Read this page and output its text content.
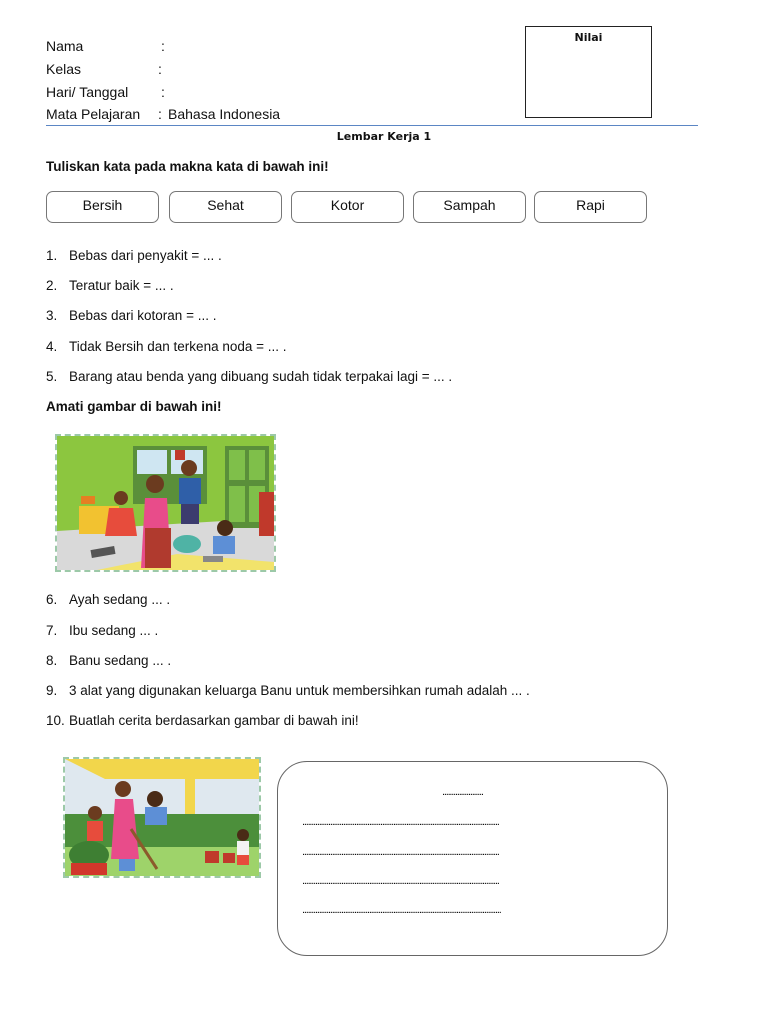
Nama	:
Kelas	:
Hari/ Tanggal :
Mata Pelajaran : Bahasa Indonesia
Nilai
Lembar Kerja 1
Tuliskan kata pada makna kata di bawah ini!
Bersih	Sehat	Kotor	Sampah	Rapi
1. Bebas dari penyakit = ... .
2. Teratur baik = ... .
3. Bebas dari kotoran = ... .
4. Tidak Bersih dan terkena noda = ... .
5. Barang atau benda yang dibuang sudah tidak terpakai lagi = ... .
Amati gambar di bawah ini!
6. Ayah sedang ... .
7. Ibu sedang ... .
8. Banu sedang ... .
9. 3 alat yang digunakan keluarga Banu untuk membersihkan rumah adalah ... .
10. Buatlah cerita berdasarkan gambar di bawah ini!
......................
..........................................................................................................
..........................................................................................................
..........................................................................................................
...........................................................................................................
